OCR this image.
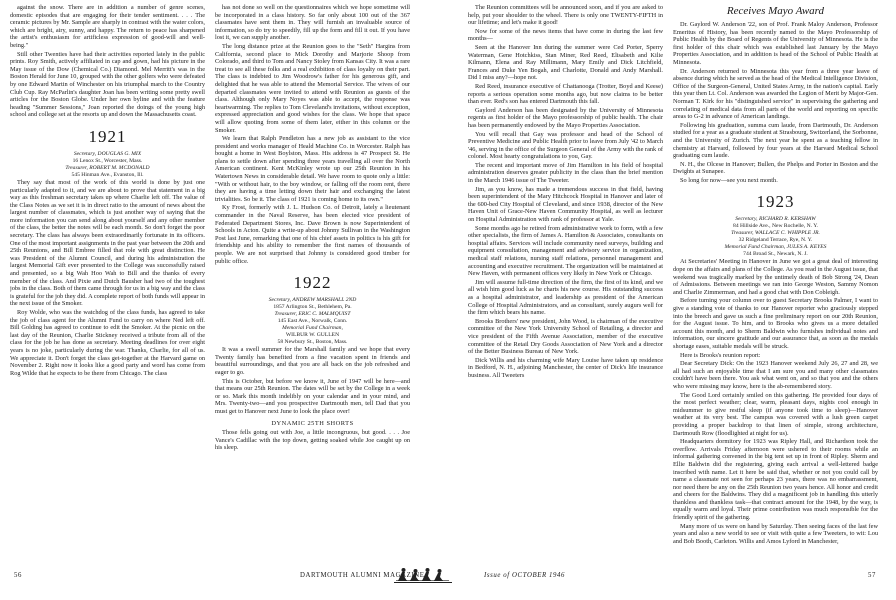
against the snow. There are in addition a number of genre scenes, domestic episodes that are engaging for their tender sentiment. . . . The ceramic pictures by Mr. Sample are sharply in contrast with the water colors, which are bright, airy, sunny, and happy. The return to peace has sharpened the artist's enthusiasm for artificless expression of good-will and well-being."

Still other Twenties have had their activities reported lately in the public prints. Roy Smith, actively affiliated in cap and gown, had his picture in the May issue of the Dow (Chemical Co.) Diamond. Mel Merritt's was in the Boston Herald for June 10, grouped with the other golfers who were defeated by one Edward Martin of Winchester on his triumphal march to the Country Club Cup. Ray McParlin's daughter Joan has been writing some pretty swell articles for the Boston Globe. Under her own byline and with the feature heading "Summer Sessions," Joan reported the doings of the young high school and college set at the resorts up and down the Massachusetts coast.

1921
Secretary, DOUGLAS G. MIX
16 Lenox St., Worcester, Mass.
Treasurer, ROBERT M. MCDONALD
545 Hinman Ave., Evanston, Ill.

They say that most of the work of this world is done by just one particularly adapted to it, and we are about to prove that statement in a big way as this freshman secretary takes up where Charlie left off. The value of the Class Notes as we set it is in direct ratio to the amount of news about the largest number of classmates, which is just another way of saying that the more information you can send along about yourself and any other member of the class, the better the notes will be each month. So don't forget the poor secretary. The class has always been extraordinarily fortunate in its officers. One of the most important assignments in the past year between the 20th and 25th Reunions, and Bill Embree filled that role with great distinction. He was President of the Alumni Council, and during his administration the largest Memorial Gift ever presented to the College was successfully raised and presented, so a big Wah Hoo Wah to Bill and the thanks of every member of the class. And Pixie and Dutch Bausher had two of the toughest jobs in the class. Both of them came through for us in a big way and the class is grateful for the job they did. A complete report of both funds will appear in the next issue of the Smoker.

Roy Wolde, who was the watchdog of the class funds, has agreed to take the job of class agent for the Alumni Fund to carry on where Ned left off. Bill Golding has agreed to continue to edit the Smoker. At the picnic on the last day of the Reunion, Charlie Stickney received a tribute from all of the class for the job he has done as secretary. Meeting deadlines for over eight years is no joke, particularly during the war. Thanks, Charlie, for all of us. We appreciate it. Don't forget the class get-together at the Harvard game on November 2. Right now it looks like a good party and word has come from Rog Wilde that he expects to be there from Chicago. The class

has not done so well on the questionnaires which we hope sometime will be incorporated in a class history. So far only about 100 out of the 367 classmates have sent them in. They will furnish an invaluable source of information, so do try to speedily, fill up the form and fill it out. If you have lost it, we can supply another.

The long distance prize at the Reunion goes to the "Seth" Hargins from California, second place to Mick Dorothy and Marjorie Shoop from Colorado, and third to Tom and Nancy Stoley from Kansas City. It was a rare treat to see all these folks and a real exhibition of class loyalty on their part. The class is indebted to Jim Woodrow's father for his generous gift, and delighted that he was able to attend the Memorial Service. The wives of our departed classmates were invited to attend with Reunion as guests of the class. Although only Mary Noyes was able to accept, the response was heartwarming. The replies to Tom Cleveland's invitations, without exception, expressed appreciation and good wishes for the class. We hope that space will allow quoting from some of them later, either in this column or the Smoker.

We learn that Ralph Pendleton has a new job as assistant to the vice president and works manager of Heald Machine Co. in Worcester. Ralph has bought a home in West Boylston, Mass. His address is 47 Prospect St. He plans to settle down after spending three years travelling all over the North American continent. Kent McKinley wrote up our 25th Reunion in his Watertown News in considerable detail. We have room to quote only a little: "With or without hair, to the boy window, or falling off the room rent, there they are having a time letting down their hair and exchanging the latest trivialities. So be it. The class of 1921 is coming home to its own."

Ky Frost, formerly with J. L. Hudson Co. of Detroit, lately a lieutenant commander in the Naval Reserve, has been elected vice president of Federated Department Stores, Inc. Dave Brown is now Superintendent of Schools in Acton. Quite a write-up about Johnny Sullivan in the Washington Post last June, remarking that one of his chief assets in politics is his gift for friendship and his ability to remember the first names of thousands of people. We are not surprised that Johnny is considered good timber for public office.

1922
Secretary, ANDREW MARSHALL 2ND
1857 Arlington St., Bethlehem, Pa.
Treasurer, ERIC C. MALMQUIST
145 East Ave., Norwalk, Conn.
Memorial Fund Chairman,
WILBUR W. GULLEN
58 Newbury St., Boston, Mass.

It was a swell summer for the Marshall family and we hope that every Twenty family has benefited from a fine vacation spent in friends and beautiful surroundings, and that you are all back on the job refreshed and eager to go.

This is October, but before we know it, June of 1947 will be here—and that means our 25th Reunion. The dates will be set by the College in a week or so. Mark this month indelibly on your calendar and in your mind, and Mrs. Twenty-two—and you prospective Dartmouth men, tell Dad that you must get to Hanover next June to look the place over!

DYNAMIC 25TH SHORTS

Those fells going out with Joe, a little incongruous, but good. . . . Joe Vance's Cadillac with the top down, getting soaked while Joe caught up on his sleep.

The Reunion committees will be announced soon, and if you are asked to help, put your shoulder to the wheel. There is only one TWENTY-FIFTH in our lifetime; and let's make it good!

Now for some of the news items that have come in during the last few months—

Seen at the Hanover Inn during the summer were Ced Porter, Sperry Waterman, Gene Hotchkiss, Stan Miner, Red Reed, Elisabeth and Kilie Kilmann, Elena and Ray Millimann, Mary Emily and Dick Litchfield, Frances and Duke Yen Bogah, and Charlotte, Donald and Andy Marshall. Did I miss any?—hope not.

Red Reed, insurance executive of Chattanooga (Trotter, Boyd and Keese) reports a serious operation some months ago, but now claims to be better than ever. Red's son has entered Dartmouth this fall.

Gaylord Anderson has been designated by the University of Minnesota regents as first holder of the Mayo professorship of public health. The chair has been permanently endowed by the Mayo Properties Association.

You will recall that Gay was professor and head of the School of Preventive Medicine and Public Health prior to leave from July '42 to March '46, serving in the office of the Surgeon General of the Army with the rank of colonel. Most hearty congratulations to you, Gay.

The recent and important move of Jim Hamilton in his field of hospital administration deserves greater publicity in the class than the brief mention in the March 1946 issue of The Tweeter.

Jim, as you know, has made a tremendous success in that field, having been superintendent of the Mary Hitchcock Hospital in Hanover and later of the 600-bed City Hospital of Cleveland, and since 1938, director of the New Haven Unit of Grace-New Haven Community Hospital, as well as lecturer on Hospital Administration with rank of professor at Yale.

Some months ago he retired from administrative work to form, with a few other specialists, the firm of James A. Hamilton & Associates, consultants on hospital affairs. Services will include community need surveys, building and equipment consultation, management and advisory service in organization, medical staff relations, nursing staff relations, personnel management and accounting and executive recruitment. The organization will be maintained at New Haven, with permanent offices very likely in New York or Chicago.

Jim will assume full-time direction of the firm, the first of its kind, and we all wish him good luck as he charts his new course. His outstanding success as a hospital administrator, and leadership as president of the American College of Hospital Administrators, and as consultant, surely augurs well for the firm which bears his name.

Brooks Brothers' new president, John Wood, is chairman of the executive committee of the New York University School of Retailing, a director and vice president of the Fifth Avenue Association, member of the executive committee of the Retail Dry Goods Association of New York and a director of the Better Business Bureau of New York.

Dick Willis and his charming wife Mary Louise have taken up residence in Bedford, N. H., adjoining Manchester, the center of Dick's life insurance business. All Tweeters

Receives Mayo Award

Dr. Gaylord W. Anderson '22, son of Prof. Frank Maloy Anderson, Professor Emeritus of History, has been recently named to the Mayo Professorship of Public Health by the Board of Regents of the University of Minnesota. He is the first holder of this chair which was established last January by the Mayo Properties Association, and in addition is head of the School of Public Health at Minnesota.

Dr. Anderson returned to Minnesota this year from a three year leave of absence during which he served as the head of the Medical Intelligence Division, Office of the Surgeon-General, United States Army, in the nation's capital. Early this year then Lt. Col. Anderson was awarded the Legion of Merit by Major-Gen. Norman T. Kirk for his "distinguished service" in supervising the gathering and correlating of medical data from all parts of the world and reporting on specific areas to G-2 in advance of American landings.

Following his graduation, summa cum laude, from Dartmouth, Dr. Anderson studied for a year as a graduate student at Strasbourg, Switzerland, the Sorbonne, and the University of Zurich. The next year he spent as a teaching fellow in chemistry at Harvard, followed by four years at the Harvard Medical School graduating cum laude.

N. H., the Olcese in Hanover; Bullen, the Phelps and Porter in Boston and the Dwights at Sunapee.

So long for now—see you next month.

1923
Secretary, RICHARD R. KERSHAW
84 Hillside Ave., New Rochelle, N. Y.
Treasurer, WALLACE C. WHIPPLE JR.
32 Ridgeland Terrace, Rye, N. Y.
Memorial Fund Chairman, JULES A. KEYES
744 Broad St., Newark, N. J.

At Secretaries' Meeting in Hanover in June we got a great deal of interesting dope on the affairs and plans of the College. As you read in the August issue, that weekend was tragically marked by the untimely death of Bob Strong '24, Dean of Admissions. Between meetings we ran into George Weston, Sammy Nomon and Charlie Zimmerman, and had a good chat with Don Cobleigh.

Before turning your column over to guest Secretary Brooks Palmer, I want to give a standing vote of thanks to our Hanover reporter who graciously stepped into the breech and gave us such a fine preliminary report on our 20th Reunion, for the August issue. To him, and to Brooks who gives us a more detailed account this month, and to Sherm Baldwin who furnishes individual notes and information, our sincere gratitude and our assurance that, as soon as the medals shortage eases, suitable medals will be struck.

Here is Brooks's reunion report:

Dear Secretary Dick: On the 1923 Hanover weekend July 26, 27 and 28, we all had such an enjoyable time that I am sure you and many other classmates couldn't have been there. You ask what went on, and so that you and the others who were missing may know, here is the ab-remembered story.

The Good Lord certainly smiled on this gathering. He provided four days of the most perfect weather; clear, warm, pleasant days, nights cool enough in midsummer to give restful sleep (if anyone took time to sleep)—Hanover weather at its very best. The campus was covered with a lush green carpet providing a proper backdrop to that linen of simple, strong architecture, Dartmouth Row (floodlighted at night for us).

Headquarters dormitory for 1923 was Ripley Hall, and Richardson took the overflow. Arrivals Friday afternoon were ushered to their rooms while an informal gathering convened in the big tent set up in front of Ripley. Sherm and Ellie Baldwin did the registering, giving each arrival a well-lettered badge inscribed with name. Let it here be said that, whether or not you could call by name a classmate not seen for perhaps 23 years, there was no embarrassment, nor need there be any on the 25th Reunion two years hence. All honor and credit and cheers for the Baldwins. They did a magnificent job in handling this utterly thankless and thankless task—that contract amount for the 1948, by the way, is equally warm and loyal. Their prime contribution was much responsible for the friendly spirit of the gathering.

Many more of us were on hand by Saturday. Then seeing faces of the last few years and also a new world to see or visit with quite a few Tweeters, to wit: Lou and Bob Booth, Carleton. Willis and Amos Lyford in Manchester,

56	DARTMOUTH ALUMNI MAGAZINE	Issue of OCTOBER 1946	57
